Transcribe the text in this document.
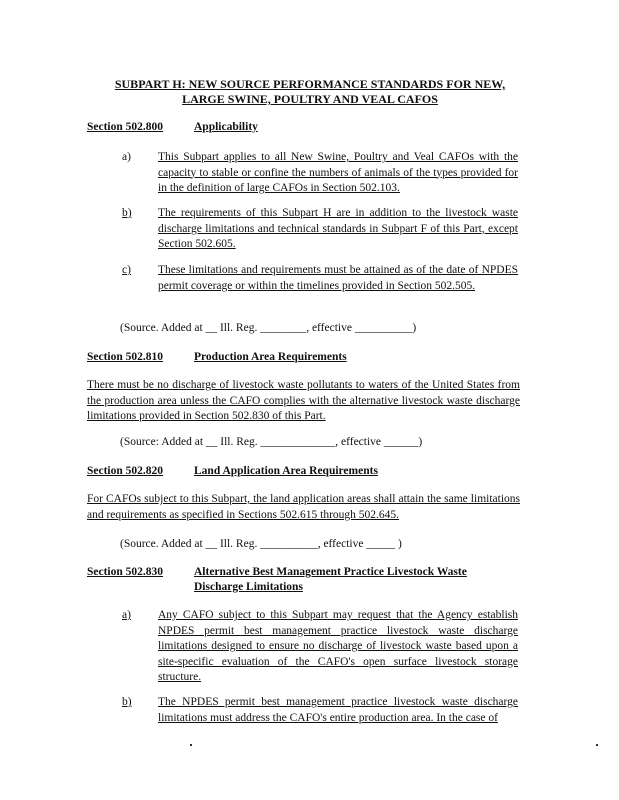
SUBPART H: NEW SOURCE PERFORMANCE STANDARDS FOR NEW,
LARGE SWINE, POULTRY AND VEAL CAFOS
Section 502.800	Applicability
a) This Subpart applies to all New Swine, Poultry and Veal CAFOs with the capacity to stable or confine the numbers of animals of the types provided for in the definition of large CAFOs in Section 502.103.
b) The requirements of this Subpart H are in addition to the livestock waste discharge limitations and technical standards in Subpart F of this Part, except Section 502.605.
c) These limitations and requirements must be attained as of the date of NPDES permit coverage or within the timelines provided in Section 502.505.
(Source. Added at __ Ill. Reg. ________, effective __________)
Section 502.810	Production Area Requirements
There must be no discharge of livestock waste pollutants to waters of the United States from the production area unless the CAFO complies with the alternative livestock waste discharge limitations provided in Section 502.830 of this Part.
(Source: Added at __ Ill. Reg. _____________, effective ______)
Section 502.820	Land Application Area Requirements
For CAFOs subject to this Subpart, the land application areas shall attain the same limitations and requirements as specified in Sections 502.615 through 502.645.
(Source. Added at __ Ill. Reg. __________, effective _____ )
Section 502.830	Alternative Best Management Practice Livestock Waste
Discharge Limitations
a) Any CAFO subject to this Subpart may request that the Agency establish NPDES permit best management practice livestock waste discharge limitations designed to ensure no discharge of livestock waste based upon a site-specific evaluation of the CAFO's open surface livestock storage structure.
b) The NPDES permit best management practice livestock waste discharge limitations must address the CAFO's entire production area. In the case of
